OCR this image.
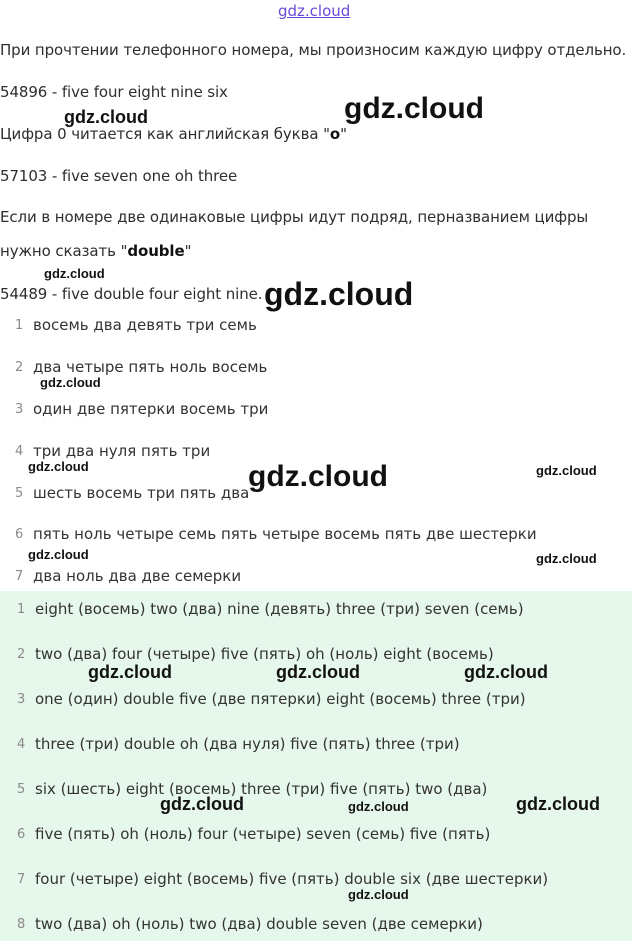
gdz.cloud
При прочтении телефонного номера, мы произносим каждую цифру отдельно.
54896 - five four eight nine six
Цифра 0 читается как английская буква "o"
57103 - five seven one oh three
Если в номере две одинаковые цифры идут подряд, перназванием цифры
нужно сказать "double"
54489 - five double four eight nine.
1 восемь два девять три семь
2 два четыре пять ноль восемь
3 один две пятерки восемь три
4 три два нуля пять три
5 шесть восемь три пять два
6 пять ноль четыре семь пять четыре восемь пять две шестерки
7 два ноль два две семерки
1 eight (восемь) two (два) nine (девять) three (три) seven (семь)
2 two (два) four (четыре) five (пять) oh (ноль) eight (восемь)
3 one (один) double five (две пятерки) eight (восемь) three (три)
4 three (три) double oh (два нуля) five (пять) three (три)
5 six (шесть) eight (восемь) three (три) five (пять) two (два)
6 five (пять) oh (ноль) four (четыре) seven (семь) five (пять)
7 four (четыре) eight (восемь) five (пять) double six (две шестерки)
8 two (два) oh (ноль) two (два) double seven (две семерки)
gdz.cloud	gdz.cloud
gdz.cloud
gdz.cloud
gdz.cloud
gdz.cloud	gdz.cloud	gdz.cloud
gdz.cloud	gdz.cloud
gdz.cloud	gdz.cloud	gdz.cloud
gdz.cloud	gdz.cloud	gdz.cloud
gdz.cloud
